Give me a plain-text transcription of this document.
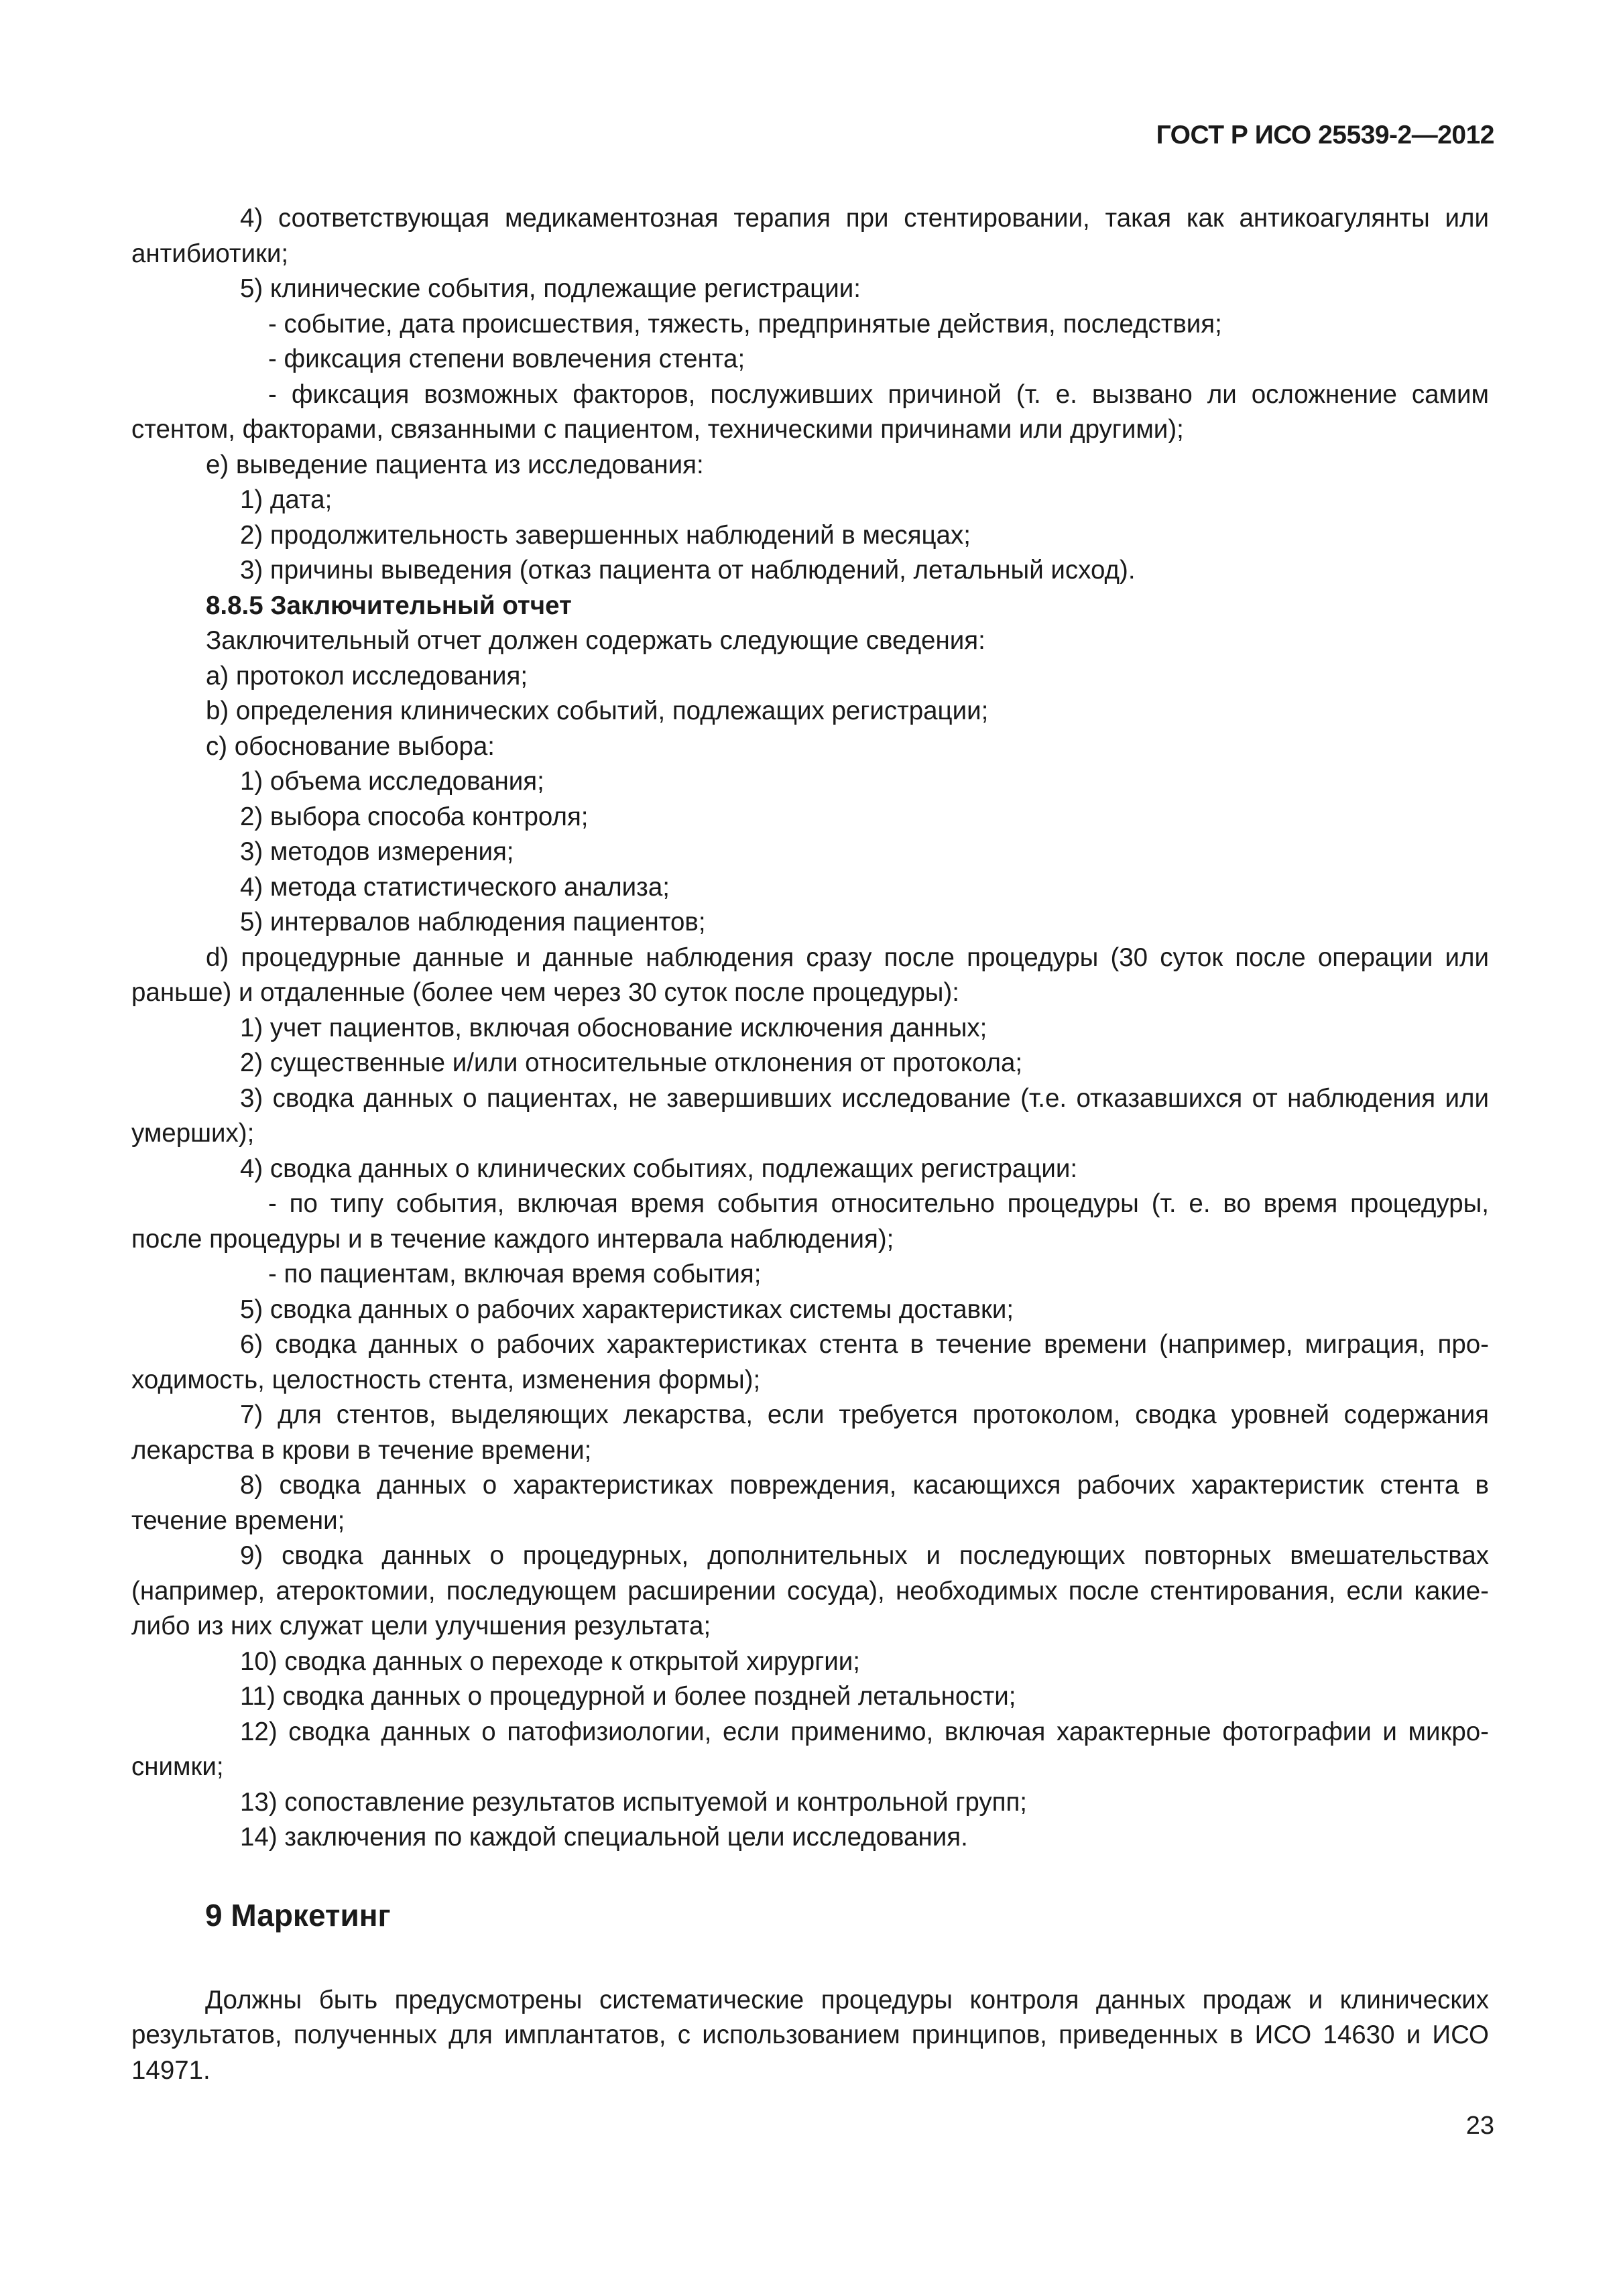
ГОСТ Р ИСО 25539-2—2012

4) соответствующая медикаментозная терапия при стентировании, такая как антикоагулянты или антибиотики;

5) клинические события, подлежащие регистрации:

- событие, дата происшествия, тяжесть, предпринятые действия, последствия;

- фиксация степени вовлечения стента;

- фиксация возможных факторов, послуживших причиной (т. е. вызвано ли осложнение самим стентом, факторами, связанными с пациентом, техническими причинами или другими);

е) выведение пациента из исследования:

1) дата;

2) продолжительность завершенных наблюдений в месяцах;

3) причины выведения (отказ пациента от наблюдений, летальный исход).

8.8.5 Заключительный отчет

Заключительный отчет должен содержать следующие сведения:

а) протокол исследования;

b) определения клинических событий, подлежащих регистрации;

с) обоснование выбора:

1) объема исследования;

2) выбора способа контроля;

3) методов измерения;

4) метода статистического анализа;

5) интервалов наблюдения пациентов;

d) процедурные данные и данные наблюдения сразу после процедуры (30 суток после операции или раньше) и отдаленные (более чем через 30 суток после процедуры):

1) учет пациентов, включая обоснование исключения данных;

2) существенные и/или относительные отклонения от протокола;

3) сводка данных о пациентах, не завершивших исследование (т.е. отказавшихся от наблюдения или умерших);

4) сводка данных о клинических событиях, подлежащих регистрации:

- по типу события, включая время события относительно процедуры (т. е. во время процедуры, после процедуры и в течение каждого интервала наблюдения);

- по пациентам, включая время события;

5) сводка данных о рабочих характеристиках системы доставки;

6) сводка данных о рабочих характеристиках стента в течение времени (например, миграция, про-ходимость, целостность стента, изменения формы);

7) для стентов, выделяющих лекарства, если требуется протоколом, сводка уровней содержания лекарства в крови в течение времени;

8) сводка данных о характеристиках повреждения, касающихся рабочих характеристик стента в течение времени;

9) сводка данных о процедурных, дополнительных и последующих повторных вмешательствах (например, атероктомии, последующем расширении сосуда), необходимых после стентирования, если какие-либо из них служат цели улучшения результата;

10) сводка данных о переходе к открытой хирургии;

11) сводка данных о процедурной и более поздней летальности;

12) сводка данных о патофизиологии, если применимо, включая характерные фотографии и микро-снимки;

13) сопоставление результатов испытуемой и контрольной групп;

14) заключения по каждой специальной цели исследования.

9 Маркетинг

Должны быть предусмотрены систематические процедуры контроля данных продаж и клинических результатов, полученных для имплантатов, с использованием принципов, приведенных в ИСО 14630 и ИСО 14971.

23
